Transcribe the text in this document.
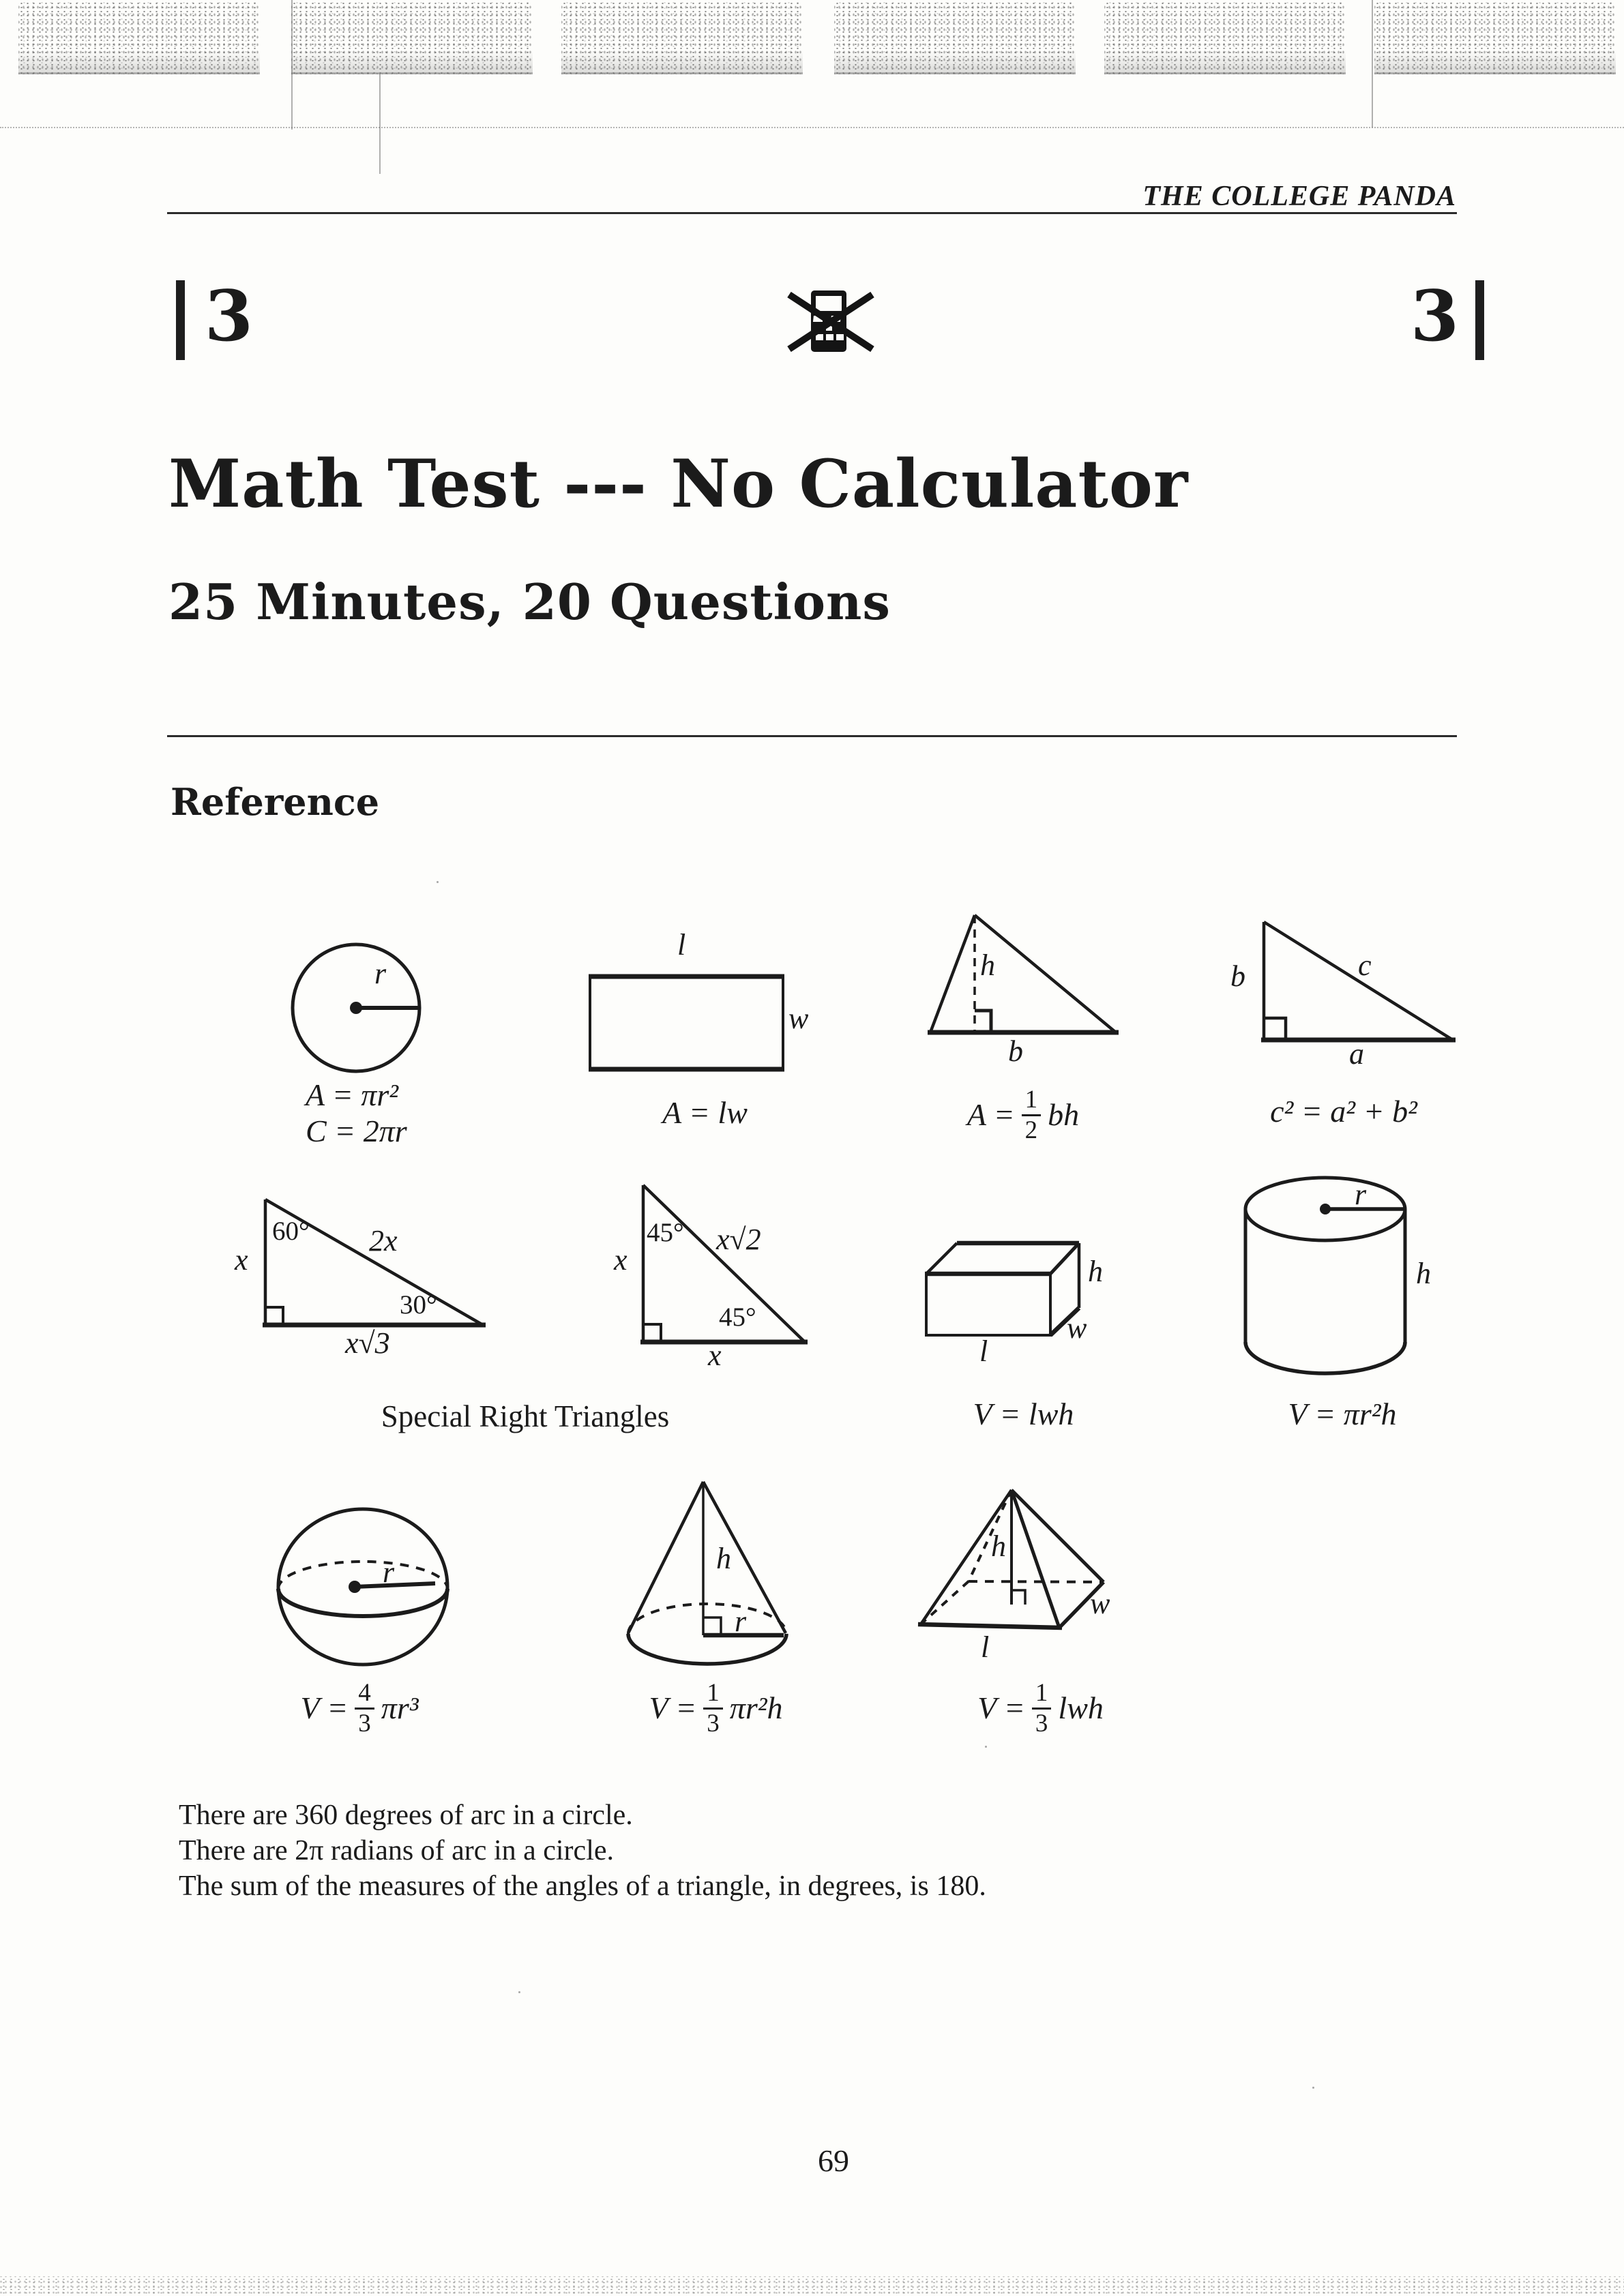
THE COLLEGE PANDA
3	3
Math Test --- No Calculator
25 Minutes, 20 Questions
Reference
r
A = πr²
C = 2πr
l
w
A = lw
h
b
$A = \frac{1}{2}$ bh
b	c
a
c² = a² + b²
60° 2x
x
30°
x√3
45° x√2
x
45°
x
Special Right Triangles
h
w
l
V = lwh
r
h
V = πr²h
r
$V = \frac{4}{3} \pi r^3$
h
r
$V = \frac{1}{3} \pi r^2h$
h
w
l
$V = \frac{1}{3}$ lwh
There are 360 degrees of arc in a circle.
There are 2π radians of arc in a circle.
The sum of the measures of the angles of a triangle, in degrees, is 180.
69
